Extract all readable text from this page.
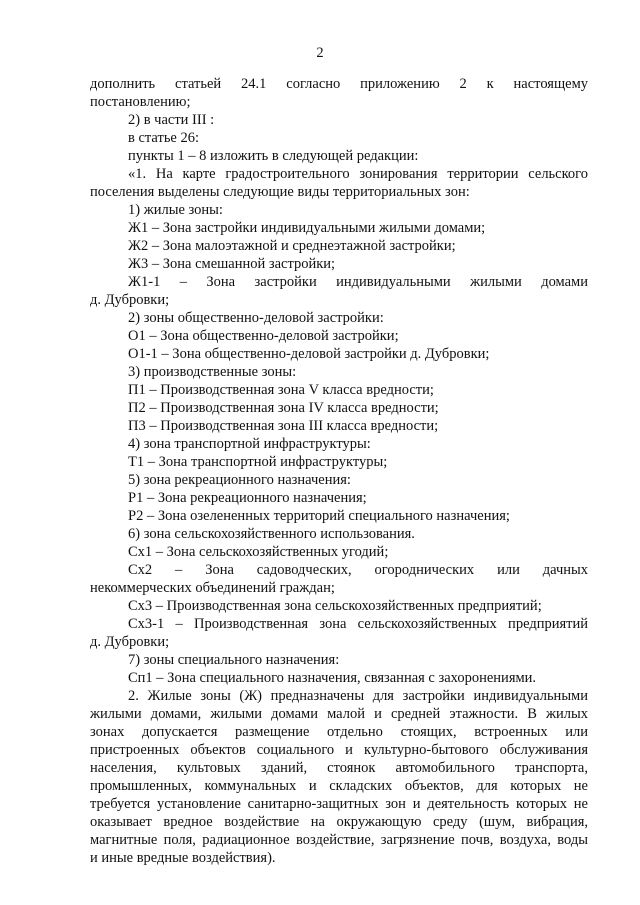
2
дополнить статьей 24.1 согласно приложению 2 к настоящему
постановлению;
2) в части III :
в статье 26:
пункты 1 – 8 изложить в следующей редакции:
«1. На карте градостроительного зонирования территории сельского
поселения выделены следующие виды территориальных зон:
1) жилые зоны:
Ж1 – Зона застройки индивидуальными жилыми домами;
Ж2 – Зона малоэтажной и среднеэтажной застройки;
Ж3 – Зона смешанной застройки;
Ж1-1 – Зона застройки индивидуальными жилыми домами
д. Дубровки;
2) зоны общественно-деловой застройки:
О1 – Зона общественно-деловой застройки;
О1-1 – Зона общественно-деловой застройки д. Дубровки;
3) производственные зоны:
П1 – Производственная зона V класса вредности;
П2 – Производственная зона IV класса вредности;
П3 – Производственная зона III класса вредности;
4) зона транспортной инфраструктуры:
Т1 – Зона транспортной инфраструктуры;
5) зона рекреационного назначения:
Р1 – Зона рекреационного назначения;
Р2 – Зона озелененных территорий специального назначения;
6) зона сельскохозяйственного использования.
Сх1 – Зона сельскохозяйственных угодий;
Сх2 – Зона садоводческих, огороднических или дачных
некоммерческих объединений граждан;
Сх3 – Производственная зона сельскохозяйственных предприятий;
Сх3-1 – Производственная зона сельскохозяйственных предприятий
д. Дубровки;
7) зоны специального назначения:
Сп1 – Зона специального назначения, связанная с захоронениями.
2. Жилые зоны (Ж) предназначены для застройки индивидуальными
жилыми домами, жилыми домами малой и средней этажности. В жилых
зонах допускается размещение отдельно стоящих, встроенных или
пристроенных объектов социального и культурно-бытового обслуживания
населения, культовых зданий, стоянок автомобильного транспорта,
промышленных, коммунальных и складских объектов, для которых не
требуется установление санитарно-защитных зон и деятельность которых не
оказывает вредное воздействие на окружающую среду (шум, вибрация,
магнитные поля, радиационное воздействие, загрязнение почв, воздуха, воды
и иные вредные воздействия).
